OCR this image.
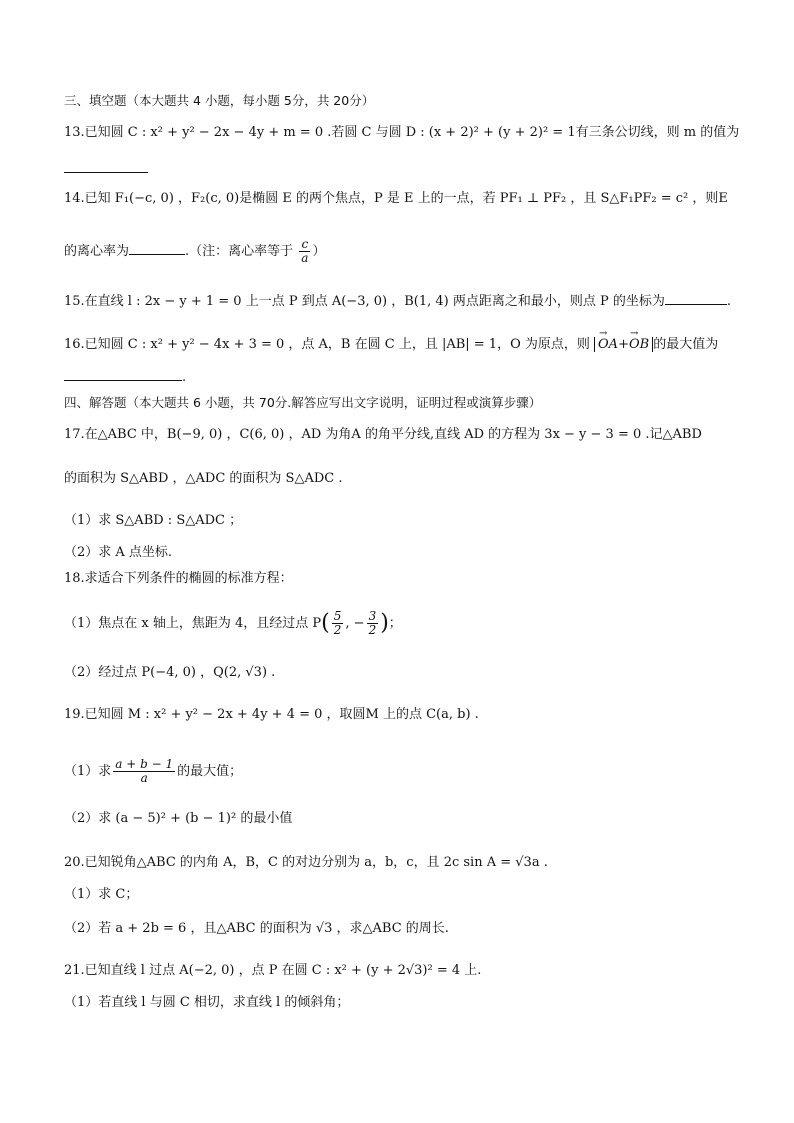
三、填空题（本大题共 4 小题，每小题 5分，共 20分）
13.已知圆 C : x² + y² − 2x − 4y + m = 0 .若圆 C 与圆 D : (x + 2)² + (y + 2)² = 1有三条公切线，则 m 的值为
14.已知 F₁(−c, 0) ，F₂(c, 0)是椭圆 E 的两个焦点，P 是 E 上的一点，若 PF₁ ⊥ PF₂ ，且 S△F₁PF₂ = c² ，则E
的离心率为	.（注：离心率等于 $\frac{c}{a}$ ）
15.在直线 l : 2x − y + 1 = 0 上一点 P 到点 A(−3, 0) ，B(1, 4) 两点距离之和最小，则点 P 的坐标为	.
16.已知圆 C : x² + y² − 4x + 3 = 0 ，点 A，B 在圆 C 上，且 |AB| = 1，O 为原点，则 → OA+→ OB 的最大值为
.
四、解答题（本大题共 6 小题，共 70分.解答应写出文字说明，证明过程或演算步骤）
17.在△ABC 中，B(−9, 0) ，C(6, 0) ，AD 为角A 的角平分线,直线 AD 的方程为 3x − y − 3 = 0 .记△ABD
的面积为 S△ABD ，△ADC 的面积为 S△ADC .
（1）求 S△ABD : S△ADC ；
（2）求 A 点坐标.
18.求适合下列条件的椭圆的标准方程：
（1）焦点在 x 轴上，焦距为 4，且经过点 $P( \frac{5}{2}$ , − $\frac{3}{2}$ )；
（2）经过点 P(−4, 0) ，Q(2, √3) .
19.已知圆 M : x² + y² − 2x + 4y + 4 = 0 ，取圆M 上的点 C(a, b) .
（1）求 $\frac{a + b - 1}{a}$ 的最大值；
（2）求 (a − 5)² + (b − 1)² 的最小值
20.已知锐角△ABC 的内角 A，B，C 的对边分别为 a，b，c，且 2c sin A = √3a .
（1）求 C；
（2）若 a + 2b = 6 ，且△ABC 的面积为 √3 ，求△ABC 的周长.
21.已知直线 l 过点 A(−2, 0) ，点 P 在圆 C : x² + (y + 2√3)² = 4 上.
（1）若直线 l 与圆 C 相切，求直线 l 的倾斜角；
